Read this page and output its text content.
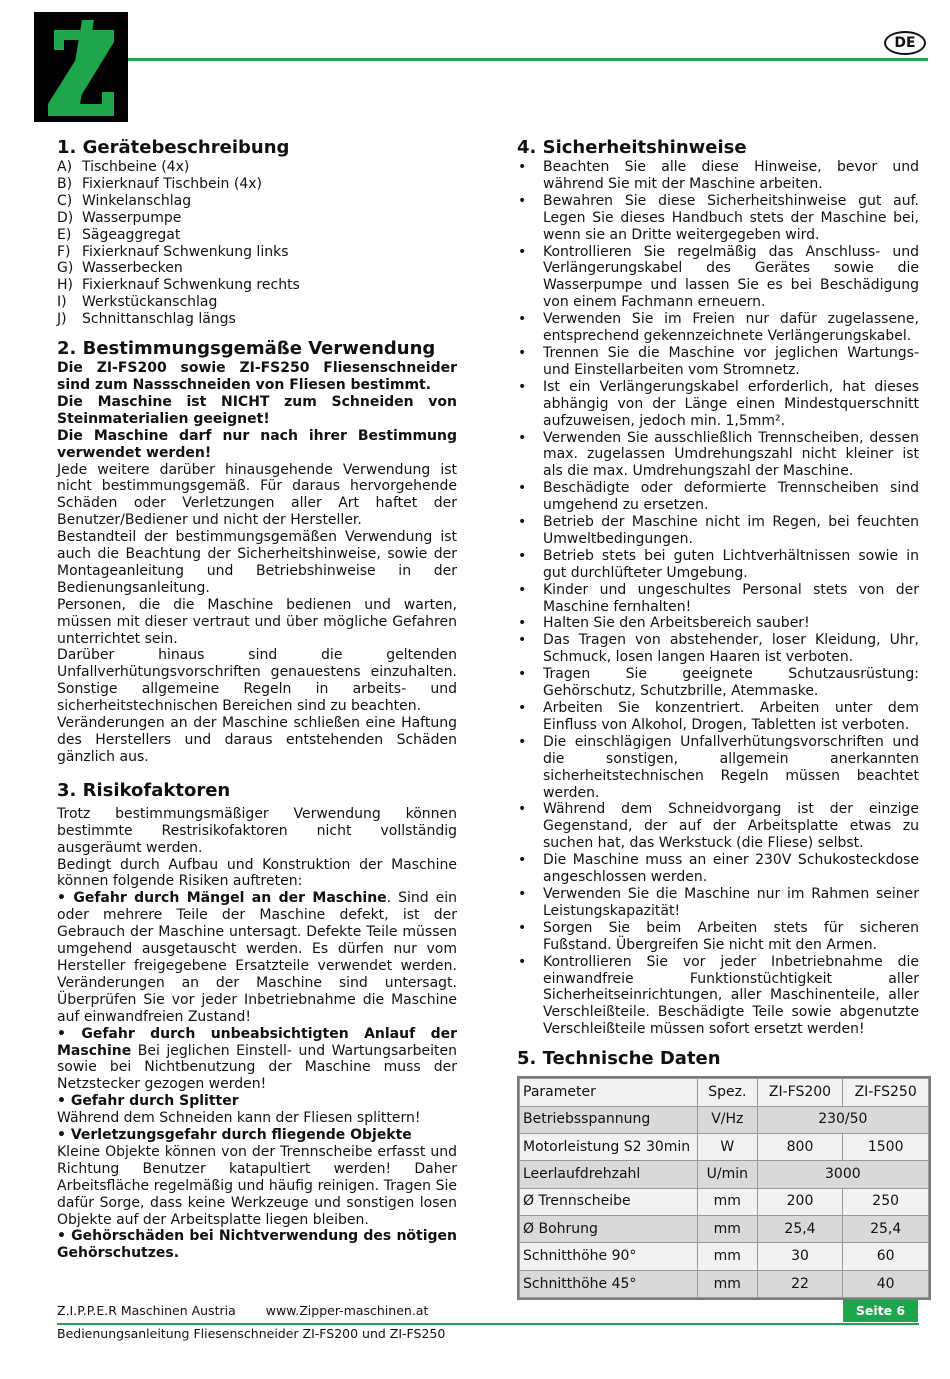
DE
1. Gerätebeschreibung
A) Tischbeine (4x)
B) Fixierknauf Tischbein (4x)
C) Winkelanschlag
D) Wasserpumpe
E) Sägeaggregat
F) Fixierknauf Schwenkung links
G) Wasserbecken
H) Fixierknauf Schwenkung rechts
I)	Werkstückanschlag
J)	Schnittanschlag längs
2. Bestimmungsgemäße Verwendung

Die ZI-FS200 sowie ZI-FS250 Fliesenschneider sind zum Nassschneiden von Fliesen bestimmt.

Die Maschine ist NICHT zum Schneiden von Steinmaterialien geeignet!

Die Maschine darf nur nach ihrer Bestimmung verwendet werden!

Jede weitere darüber hinausgehende Verwendung ist nicht bestimmungsgemäß. Für daraus hervorgehende Schäden oder Verletzungen aller Art haftet der Benutzer/Bediener und nicht der Hersteller.

Bestandteil der bestimmungsgemäßen Verwendung ist auch die Beachtung der Sicherheitshinweise, sowie der Montageanleitung und Betriebshinweise in der Bedienungsanleitung.

Personen, die die Maschine bedienen und warten, müssen mit dieser vertraut und über mögliche Gefahren unterrichtet sein.

Darüber hinaus sind die geltenden Unfallverhütungsvorschriften genauestens einzuhalten. Sonstige allgemeine Regeln in arbeits- und sicherheitstechnischen Bereichen sind zu beachten.

Veränderungen an der Maschine schließen eine Haftung des Herstellers und daraus entstehenden Schäden gänzlich aus.

3. Risikofaktoren

Trotz bestimmungsmäßiger Verwendung können bestimmte Restrisikofaktoren nicht vollständig ausgeräumt werden.

Bedingt durch Aufbau und Konstruktion der Maschine können folgende Risiken auftreten:

• Gefahr durch Mängel an der Maschine. Sind ein oder mehrere Teile der Maschine defekt, ist der Gebrauch der Maschine untersagt. Defekte Teile müssen umgehend ausgetauscht werden. Es dürfen nur vom Hersteller freigegebene Ersatzteile verwendet werden. Veränderungen an der Maschine sind untersagt. Überprüfen Sie vor jeder Inbetriebnahme die Maschine auf einwandfreien Zustand!

• Gefahr durch unbeabsichtigten Anlauf der Maschine Bei jeglichen Einstell- und Wartungsarbeiten sowie bei Nichtbenutzung der Maschine muss der Netzstecker gezogen werden!

• Gefahr durch Splitter

Während dem Schneiden kann der Fliesen splittern!

• Verletzungsgefahr durch fliegende Objekte

Kleine Objekte können von der Trennscheibe erfasst und Richtung Benutzer katapultiert werden! Daher Arbeitsfläche regelmäßig und häufig reinigen. Tragen Sie dafür Sorge, dass keine Werkzeuge und sonstigen losen Objekte auf der Arbeitsplatte liegen bleiben.

• Gehörschäden bei Nichtverwendung des nötigen Gehörschutzes.

4. Sicherheitshinweise
• Beachten Sie alle diese Hinweise, bevor und während Sie mit der Maschine arbeiten.
• Bewahren Sie diese Sicherheitshinweise gut auf. Legen Sie dieses Handbuch stets der Maschine bei, wenn sie an Dritte weitergegeben wird.
• Kontrollieren Sie regelmäßig das Anschluss- und Verlängerungskabel des Gerätes sowie die Wasserpumpe und lassen Sie es bei Beschädigung von einem Fachmann erneuern.
• Verwenden Sie im Freien nur dafür zugelassene, entsprechend gekennzeichnete Verlängerungskabel.
• Trennen Sie die Maschine vor jeglichen Wartungs- und Einstellarbeiten vom Stromnetz.
• Ist ein Verlängerungskabel erforderlich, hat dieses abhängig von der Länge einen Mindestquerschnitt aufzuweisen, jedoch min. 1,5mm².
• Verwenden Sie ausschließlich Trennscheiben, dessen max. zugelassen Umdrehungszahl nicht kleiner ist als die max. Umdrehungszahl der Maschine.
• Beschädigte oder deformierte Trennscheiben sind umgehend zu ersetzen.
• Betrieb der Maschine nicht im Regen, bei feuchten Umweltbedingungen.
• Betrieb stets bei guten Lichtverhältnissen sowie in gut durchlüfteter Umgebung.
• Kinder und ungeschultes Personal stets von der Maschine fernhalten!
• Halten Sie den Arbeitsbereich sauber!
• Das Tragen von abstehender, loser Kleidung, Uhr, Schmuck, losen langen Haaren ist verboten.
• Tragen Sie geeignete Schutzausrüstung: Gehörschutz, Schutzbrille, Atemmaske.
• Arbeiten Sie konzentriert. Arbeiten unter dem Einfluss von Alkohol, Drogen, Tabletten ist verboten.
• Die einschlägigen Unfallverhütungsvorschriften und die sonstigen, allgemein anerkannten sicherheitstechnischen Regeln müssen beachtet werden.
• Während dem Schneidvorgang ist der einzige Gegenstand, der auf der Arbeitsplatte etwas zu suchen hat, das Werkstuck (die Fliese) selbst.
• Die Maschine muss an einer 230V Schukosteckdose angeschlossen werden.
• Verwenden Sie die Maschine nur im Rahmen seiner Leistungskapazität!
• Sorgen Sie beim Arbeiten stets für sicheren Fußstand. Übergreifen Sie nicht mit den Armen.
• Kontrollieren Sie vor jeder Inbetriebnahme die einwandfreie Funktionstüchtigkeit aller Sicherheitseinrichtungen, aller Maschinenteile, aller Verschleißteile. Beschädigte Teile sowie abgenutzte Verschleißteile müssen sofort ersetzt werden!
5. Technische Daten
Parameter	Spez.	ZI-FS200	ZI-FS250
Betriebsspannung	V/Hz	230/50	
Motorleistung S2 30min	W	800	1500
Leerlaufdrehzahl	U/min	3000	
Ø Trennscheibe	mm	200	250
Ø Bohrung	mm	25,4	25,4
Schnitthöhe 90°	mm	30	60
Schnitthöhe 45°	mm	22	40
Z.I.P.P.E.R Maschinen Austria www.Zipper-maschinen.at	Seite 6
Bedienungsanleitung Fliesenschneider ZI-FS200 und ZI-FS250
